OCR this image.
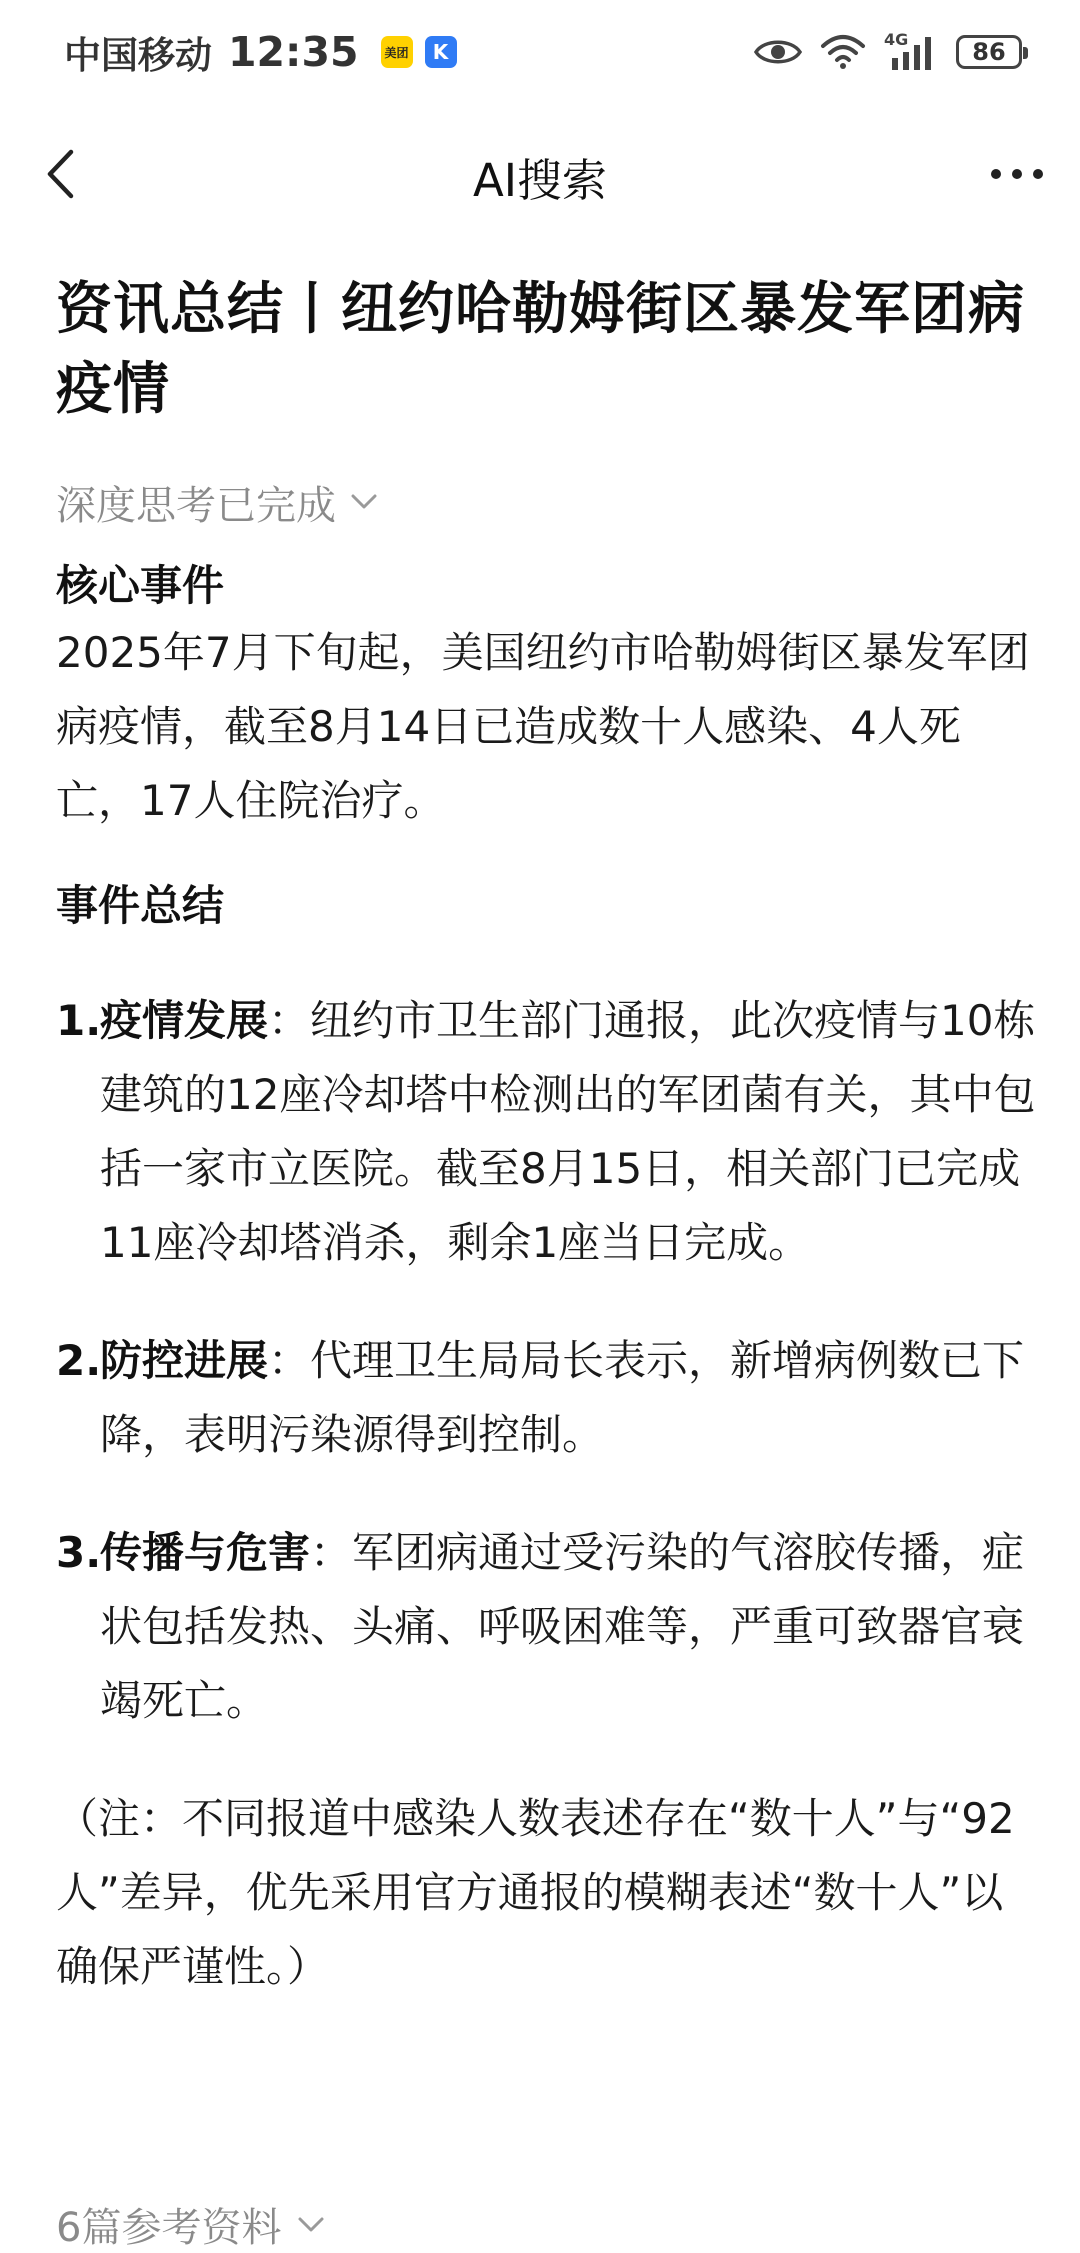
中国移动 12:35	美团	K
4G	86
AI搜索
资讯总结丨纽约哈勒姆街区暴发军团病疫情
深度思考已完成
核心事件

2025年7月下旬起，美国纽约市哈勒姆街区暴发军团病疫情，截至8月14日已造成数十人感染、4人死亡，17人住院治疗。

事件总结
1.
疫情发展：纽约市卫生部门通报，此次疫情与10栋建筑的12座冷却塔中检测出的军团菌有关，其中包括一家市立医院。截至8月15日，相关部门已完成11座冷却塔消杀，剩余1座当日完成。
2.
防控进展：代理卫生局局长表示，新增病例数已下降，表明污染源得到控制。
3.
传播与危害：军团病通过受污染的气溶胶传播，症状包括发热、头痛、呼吸困难等，严重可致器官衰竭死亡。

（注：不同报道中感染人数表述存在“数十人”与“92人”差异，优先采用官方通报的模糊表述“数十人”以确保严谨性。）

6篇参考资料
